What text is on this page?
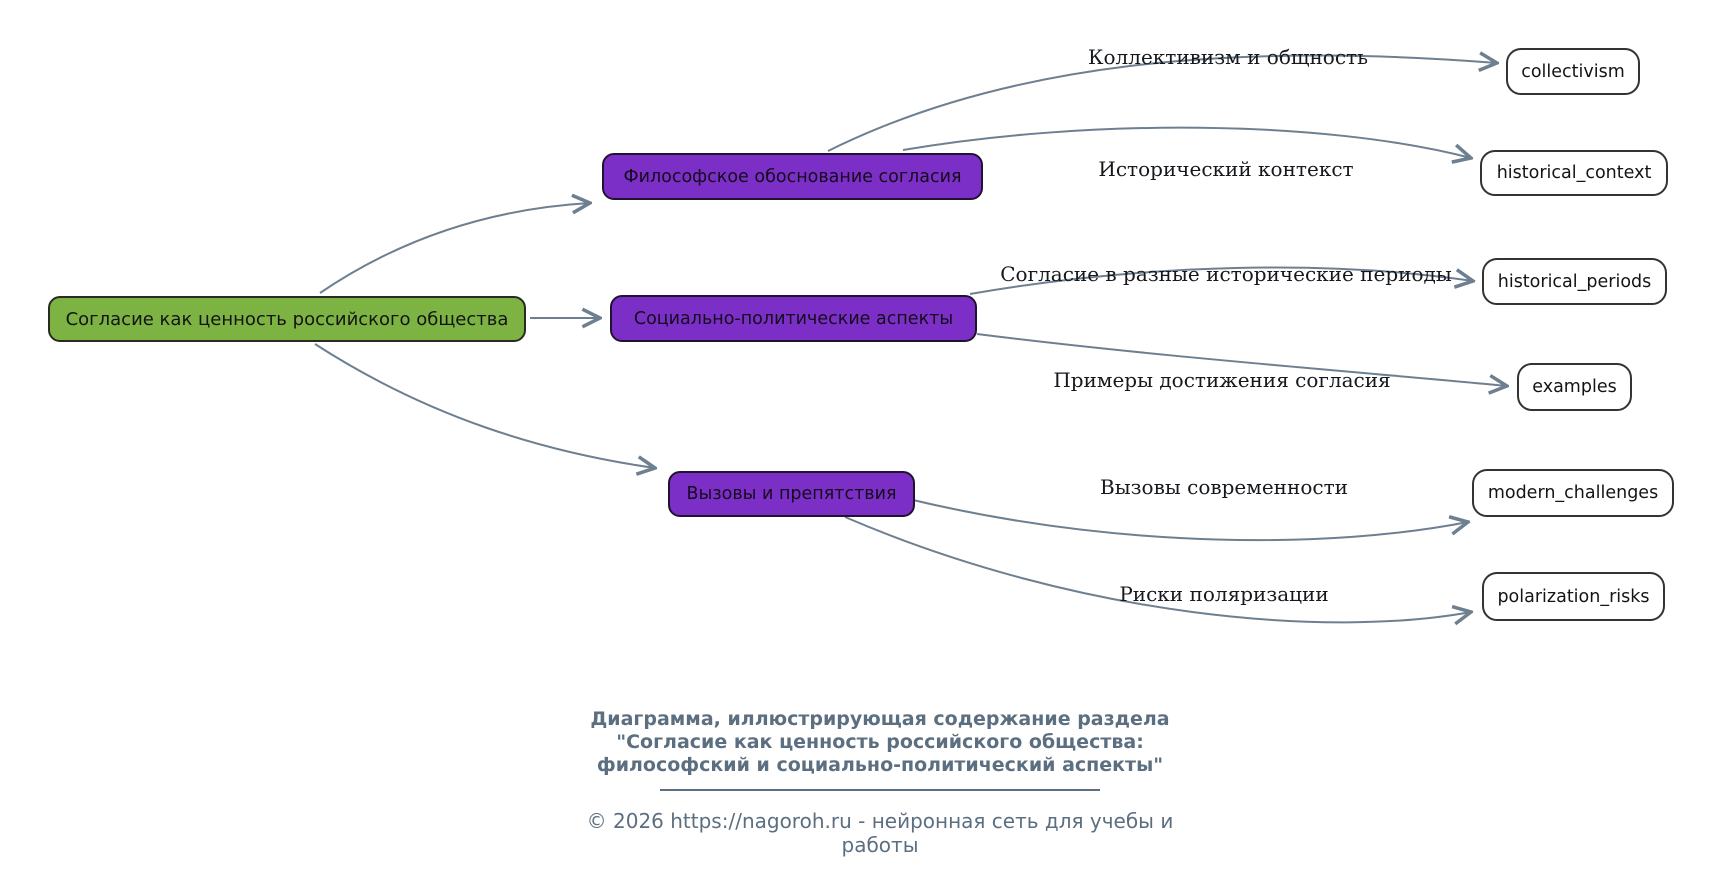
Согласие как ценность российского общества
Философское обоснование согласия
Социально-политические аспекты
Вызовы и препятствия
collectivism
historical_context
historical_periods
examples
modern_challenges
polarization_risks
Коллективизм и общность
Исторический контекст
Согласие в разные исторические периоды
Примеры достижения согласия
Вызовы современности
Риски поляризации
Диаграмма, иллюстрирующая содержание раздела
"Согласие как ценность российского общества:
философский и социально-политический аспекты"
© 2026 https://nagoroh.ru - нейронная сеть для учебы и работы
